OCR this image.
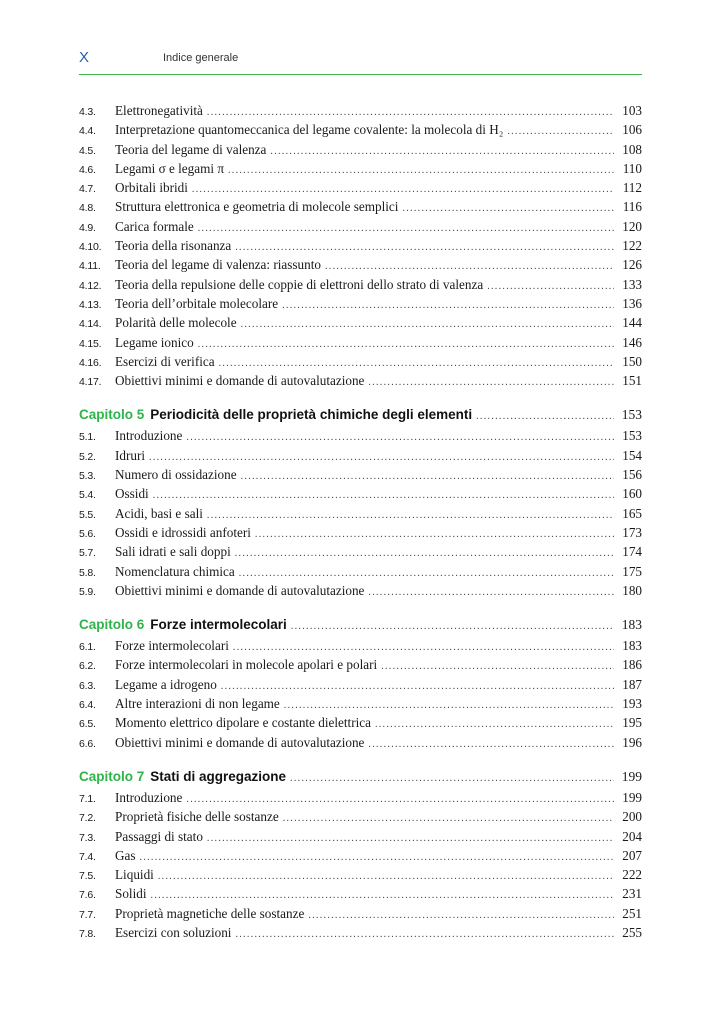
X	Indice generale
4.3.	Elettronegatività . . .	103
4.4.	Interpretazione quantomeccanica del legame covalente: la molecola di H₂ . . .	106
4.5.	Teoria del legame di valenza . . .	108
4.6.	Legami σ e legami π . . .	110
4.7.	Orbitali ibridi . . .	112
4.8.	Struttura elettronica e geometria di molecole semplici . . .	116
4.9.	Carica formale . . .	120
4.10.	Teoria della risonanza . . .	122
4.11.	Teoria del legame di valenza: riassunto . . .	126
4.12.	Teoria della repulsione delle coppie di elettroni dello strato di valenza . . .	133
4.13.	Teoria dell’orbitale molecolare . . .	136
4.14.	Polarità delle molecole . . .	144
4.15.	Legame ionico . . .	146
4.16.	Esercizi di verifica . . .	150
4.17.	Obiettivi minimi e domande di autovalutazione . . .	151
Capitolo 5 Periodicità delle proprietà chimiche degli elementi . . .	153
5.1.	Introduzione . . .	153
5.2.	Idruri . . .	154
5.3.	Numero di ossidazione . . .	156
5.4.	Ossidi . . .	160
5.5.	Acidi, basi e sali . . .	165
5.6.	Ossidi e idrossidi anfoteri . . .	173
5.7.	Sali idrati e sali doppi . . .	174
5.8.	Nomenclatura chimica . . .	175
5.9.	Obiettivi minimi e domande di autovalutazione . . .	180
Capitolo 6 Forze intermolecolari . . .	183
6.1.	Forze intermolecolari . . .	183
6.2.	Forze intermolecolari in molecole apolari e polari . . .	186
6.3.	Legame a idrogeno . . .	187
6.4.	Altre interazioni di non legame . . .	193
6.5.	Momento elettrico dipolare e costante dielettrica . . .	195
6.6.	Obiettivi minimi e domande di autovalutazione . . .	196
Capitolo 7 Stati di aggregazione . . .	199
7.1.	Introduzione . . .	199
7.2.	Proprietà fisiche delle sostanze . . .	200
7.3.	Passaggi di stato . . .	204
7.4.	Gas . . .	207
7.5.	Liquidi . . .	222
7.6.	Solidi . . .	231
7.7.	Proprietà magnetiche delle sostanze . . .	251
7.8.	Esercizi con soluzioni . . .	255
